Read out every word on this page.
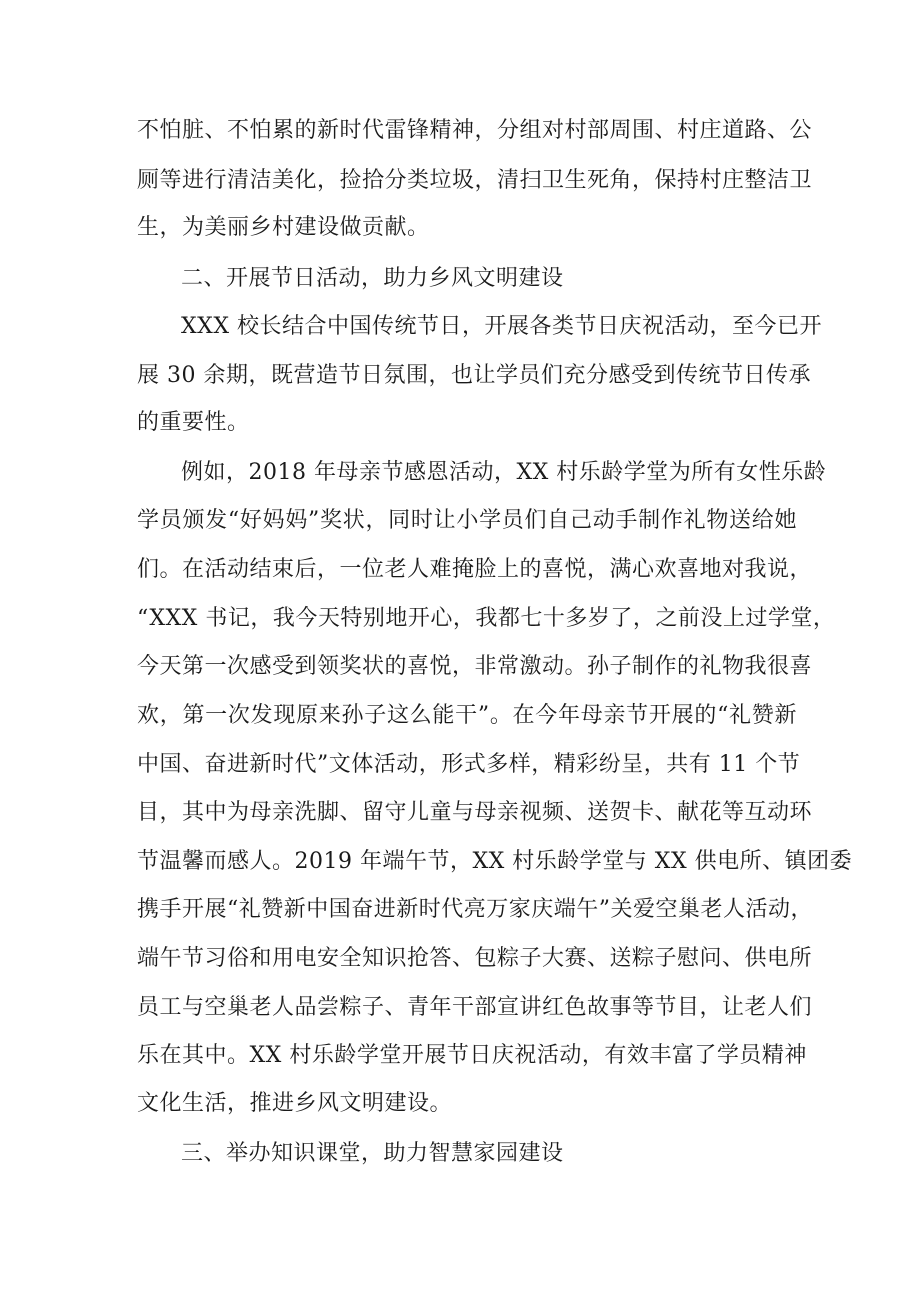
不怕脏、不怕累的新时代雷锋精神，分组对村部周围、村庄道路、公
厕等进行清洁美化，捡拾分类垃圾，清扫卫生死角，保持村庄整洁卫
生，为美丽乡村建设做贡献。
二、开展节日活动，助力乡风文明建设
XXX 校长结合中国传统节日，开展各类节日庆祝活动，至今已开
展 30 余期，既营造节日氛围，也让学员们充分感受到传统节日传承
的重要性。
例如，2018 年母亲节感恩活动，XX 村乐龄学堂为所有女性乐龄
学员颁发“好妈妈”奖状，同时让小学员们自己动手制作礼物送给她
们。在活动结束后，一位老人难掩脸上的喜悦，满心欢喜地对我说，
“XXX 书记，我今天特别地开心，我都七十多岁了，之前没上过学堂，
今天第一次感受到领奖状的喜悦，非常激动。孙子制作的礼物我很喜
欢，第一次发现原来孙子这么能干”。在今年母亲节开展的“礼赞新
中国、奋进新时代”文体活动，形式多样，精彩纷呈，共有 11 个节
目，其中为母亲洗脚、留守儿童与母亲视频、送贺卡、献花等互动环
节温馨而感人。2019 年端午节，XX 村乐龄学堂与 XX 供电所、镇团委
携手开展“礼赞新中国奋进新时代亮万家庆端午”关爱空巢老人活动，
端午节习俗和用电安全知识抢答、包粽子大赛、送粽子慰问、供电所
员工与空巢老人品尝粽子、青年干部宣讲红色故事等节目，让老人们
乐在其中。XX 村乐龄学堂开展节日庆祝活动，有效丰富了学员精神
文化生活，推进乡风文明建设。
三、举办知识课堂，助力智慧家园建设
